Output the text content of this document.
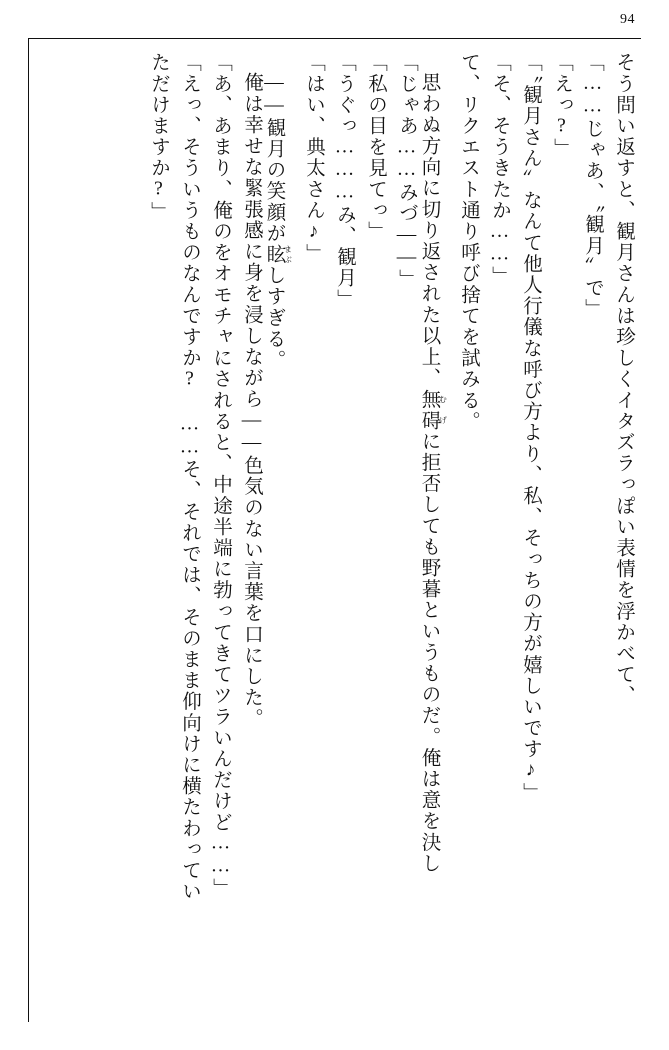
94
そう問い返すと、観月さんは珍しくイタズラっぽい表情を浮かべて、
「……じゃあ、〝観月〟で」
「えっ?」
「〝観月さん〟なんて他人行儀な呼び方より、私、そっちの方が嬉しいです♪」
「そ、そうきたか……」
て、リクエスト通り呼び捨てを試みる。
思わぬ方向に切り返された以上、無碍 むげに拒否しても野暮というものだ。俺は意を決し
「じゃあ……みづ――」
「私の目を見てっ」
「うぐっ………み、観月」
「はい、典太さん♪」
――観月の笑顔が眩 まぶしすぎる。
俺は幸せな緊張感に身を浸しながら――色気のない言葉を口にした。
「あ、あまり、俺のをオモチャにされると、中途半端に勃ってきてツラいんだけど……」
「えっ、そういうものなんですか? ……そ、それでは、そのまま仰向けに横たわってい
ただけますか?」
